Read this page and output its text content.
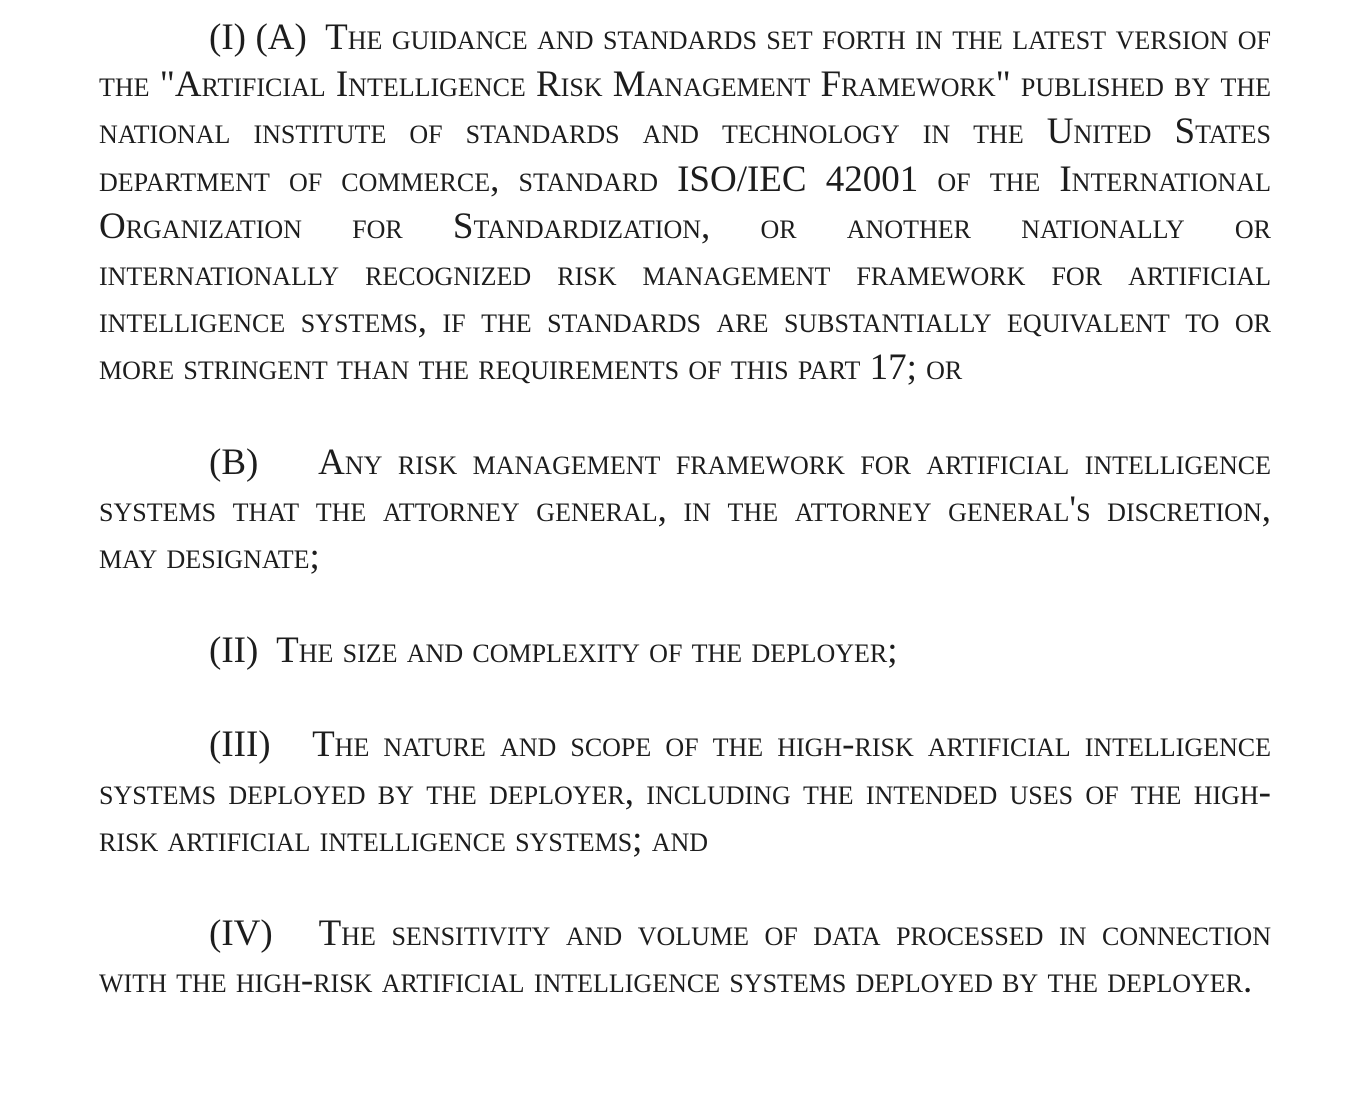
(I) (A) The guidance and standards set forth in the latest version of the "Artificial Intelligence Risk Management Framework" published by the national institute of standards and technology in the United States department of commerce, standard ISO/IEC 42001 of the International Organization for Standardization, or another nationally or internationally recognized risk management framework for artificial intelligence systems, if the standards are substantially equivalent to or more stringent than the requirements of this part 17; or

(B) Any risk management framework for artificial intelligence systems that the attorney general, in the attorney general's discretion, may designate;

(II) The size and complexity of the deployer;

(III) The nature and scope of the high-risk artificial intelligence systems deployed by the deployer, including the intended uses of the high-risk artificial intelligence systems; and

(IV) The sensitivity and volume of data processed in connection with the high-risk artificial intelligence systems deployed by the deployer.
